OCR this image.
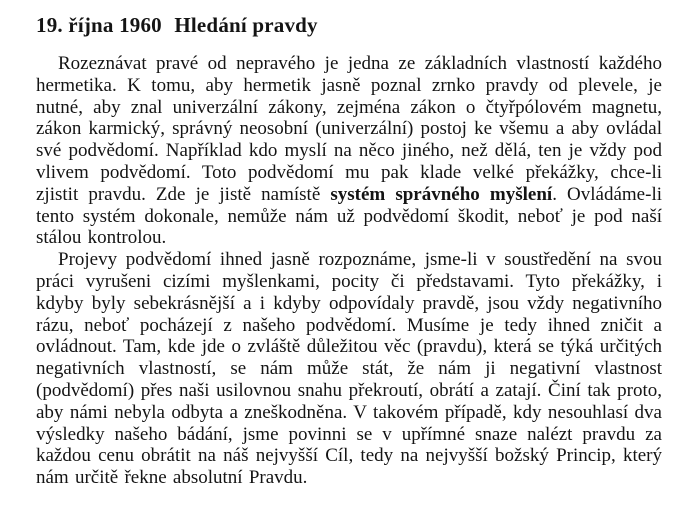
19. října 1960 Hledání pravdy

Rozeznávat pravé od nepravého je jedna ze základních vlastností každého hermetika. K tomu, aby hermetik jasně poznal zrnko pravdy od plevele, je nutné, aby znal univerzální zákony, zejména zákon o čtyřpólovém magnetu, zákon karmický, správný neosobní (univerzální) postoj ke všemu a aby ovládal své podvědomí. Například kdo myslí na něco jiného, než dělá, ten je vždy pod vlivem podvědomí. Toto podvědomí mu pak klade velké překážky, chce-li zjistit pravdu. Zde je jistě namístě systém správného myšlení. Ovládáme-li tento systém dokonale, nemůže nám už podvědomí škodit, neboť je pod naší stálou kontrolou.

Projevy podvědomí ihned jasně rozpoznáme, jsme-li v soustředění na svou práci vyrušeni cizími myšlenkami, pocity či představami. Tyto překážky, i kdyby byly sebekrásnější a i kdyby odpovídaly pravdě, jsou vždy negativního rázu, neboť pocházejí z našeho podvědomí. Musíme je tedy ihned zničit a ovládnout. Tam, kde jde o zvláště důležitou věc (pravdu), která se týká určitých negativních vlastností, se nám může stát, že nám ji negativní vlastnost (podvědomí) přes naši usilovnou snahu překroutí, obrátí a zatají. Činí tak proto, aby námi nebyla odbyta a zneškodněna. V takovém případě, kdy nesouhlasí dva výsledky našeho bádání, jsme povinni se v upřímné snaze nalézt pravdu za každou cenu obrátit na náš nejvyšší Cíl, tedy na nejvyšší božský Princip, který nám určitě řekne absolutní Pravdu.
